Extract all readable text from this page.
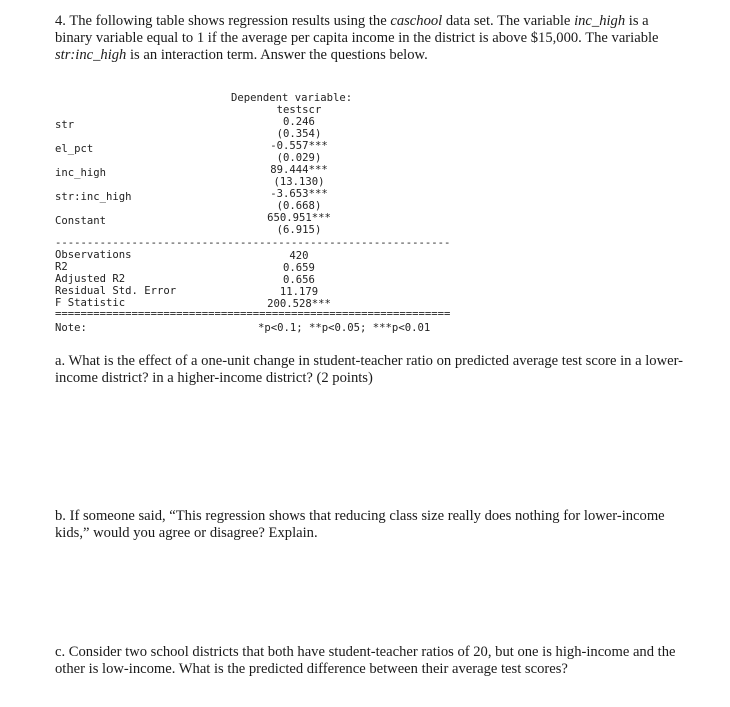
4. The following table shows regression results using the caschool data set. The variable inc_high is a
binary variable equal to 1 if the average per capita income in the district is above $15,000. The variable
str:inc_high is an interaction term. Answer the questions below.
Dependent variable:
testscr
str	0.246
(0.354)
el_pct	-0.557***
(0.029)
inc_high	89.444***
(13.130)
str:inc_high	-3.653***
(0.668)
Constant	650.951***
(6.915)
--------------------------------------------------------------
Observations	420
R2	0.659
Adjusted R2	0.656
Residual Std. Error	11.179
F Statistic	200.528***
==============================================================
Note:	*p<0.1; **p<0.05; ***p<0.01
a. What is the effect of a one-unit change in student-teacher ratio on predicted average test score in a lower-income district? in a higher-income district? (2 points)
b. If someone said, “This regression shows that reducing class size really does nothing for lower-income kids,” would you agree or disagree? Explain.
c. Consider two school districts that both have student-teacher ratios of 20, but one is high-income and the other is low-income. What is the predicted difference between their average test scores?
